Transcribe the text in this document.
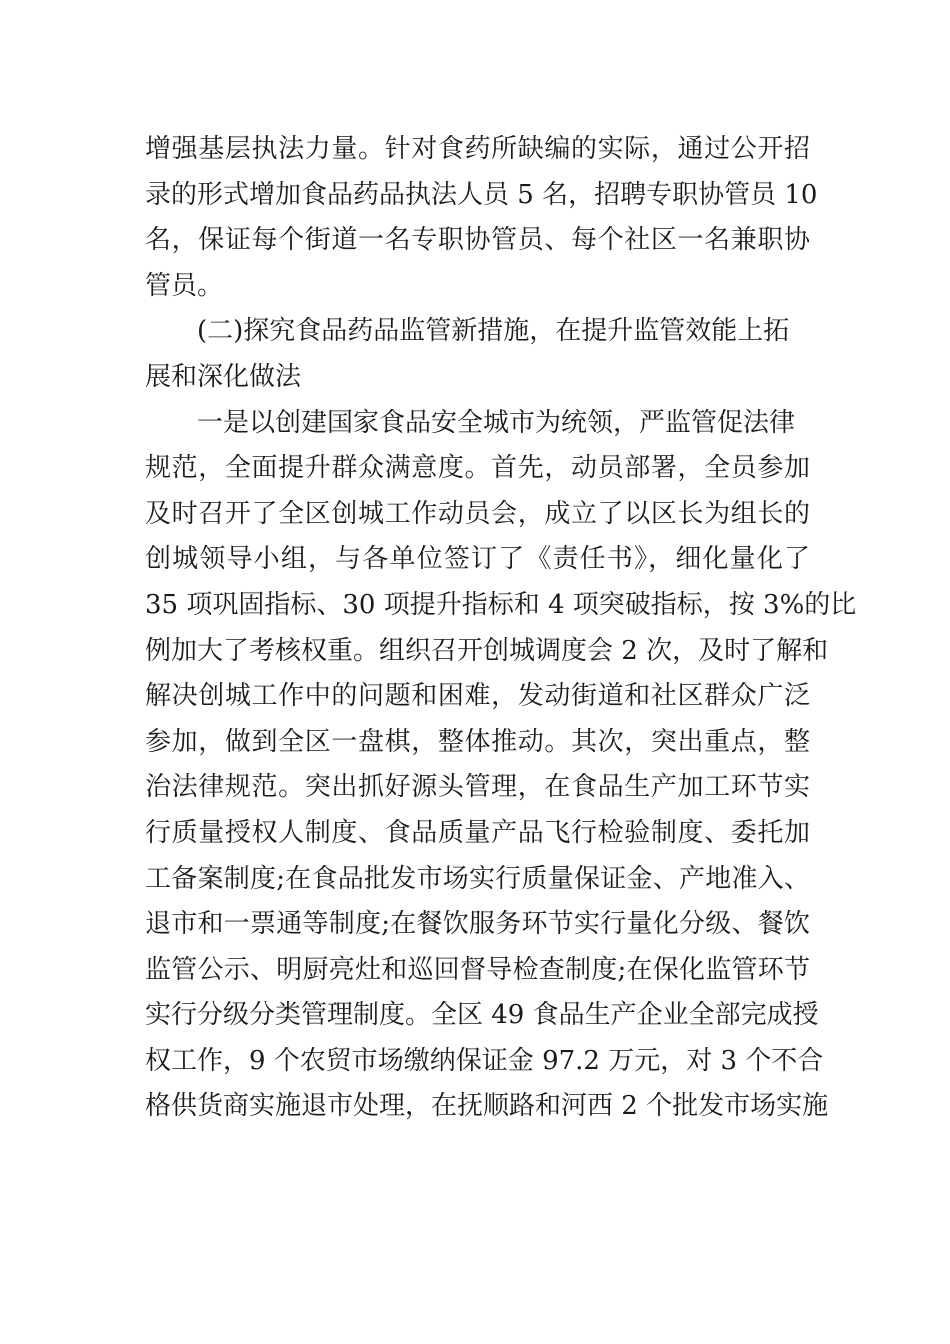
增强基层执法力量。针对食药所缺编的实际，通过公开招
录的形式增加食品药品执法人员 5 名，招聘专职协管员 10
名，保证每个街道一名专职协管员、每个社区一名兼职协
管员。
(二)探究食品药品监管新措施，在提升监管效能上拓
展和深化做法
一是以创建国家食品安全城市为统领，严监管促法律
规范，全面提升群众满意度。首先，动员部署，全员参加
及时召开了全区创城工作动员会，成立了以区长为组长的
创城领导小组，与各单位签订了《责任书》，细化量化了
35 项巩固指标、30 项提升指标和 4 项突破指标，按 3%的比
例加大了考核权重。组织召开创城调度会 2 次，及时了解和
解决创城工作中的问题和困难，发动街道和社区群众广泛
参加，做到全区一盘棋，整体推动。其次，突出重点，整
治法律规范。突出抓好源头管理，在食品生产加工环节实
行质量授权人制度、食品质量产品飞行检验制度、委托加
工备案制度;在食品批发市场实行质量保证金、产地准入、
退市和一票通等制度;在餐饮服务环节实行量化分级、餐饮
监管公示、明厨亮灶和巡回督导检查制度;在保化监管环节
实行分级分类管理制度。全区 49 食品生产企业全部完成授
权工作，9 个农贸市场缴纳保证金 97.2 万元，对 3 个不合
格供货商实施退市处理，在抚顺路和河西 2 个批发市场实施
